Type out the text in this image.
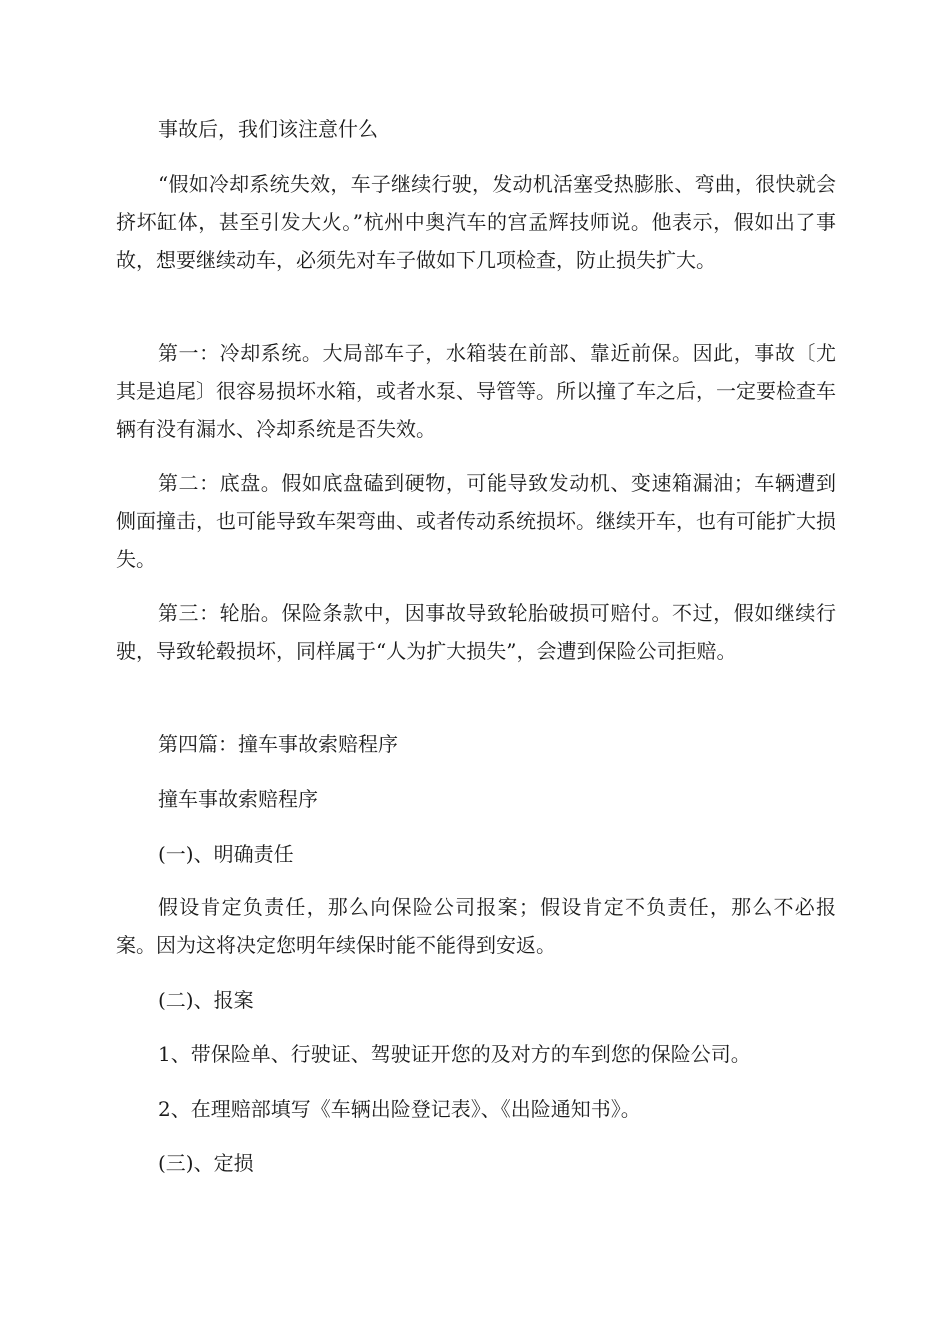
事故后，我们该注意什么

“假如冷却系统失效，车子继续行驶，发动机活塞受热膨胀、弯曲，很快就会挤坏缸体，甚至引发大火。”杭州中奥汽车的宫孟辉技师说。他表示，假如出了事故，想要继续动车，必须先对车子做如下几项检查，防止损失扩大。

第一：冷却系统。大局部车子，水箱装在前部、靠近前保。因此，事故〔尤其是追尾〕很容易损坏水箱，或者水泵、导管等。所以撞了车之后，一定要检查车辆有没有漏水、冷却系统是否失效。

第二：底盘。假如底盘磕到硬物，可能导致发动机、变速箱漏油；车辆遭到侧面撞击，也可能导致车架弯曲、或者传动系统损坏。继续开车，也有可能扩大损失。

第三：轮胎。保险条款中，因事故导致轮胎破损可赔付。不过，假如继续行驶，导致轮毂损坏，同样属于“人为扩大损失”，会遭到保险公司拒赔。

第四篇：撞车事故索赔程序

撞车事故索赔程序

(一)、明确责任

假设肯定负责任，那么向保险公司报案；假设肯定不负责任，那么不必报案。因为这将决定您明年续保时能不能得到安返。

(二)、报案

1、带保险单、行驶证、驾驶证开您的及对方的车到您的保险公司。

2、在理赔部填写《车辆出险登记表》、《出险通知书》。

(三)、定损
